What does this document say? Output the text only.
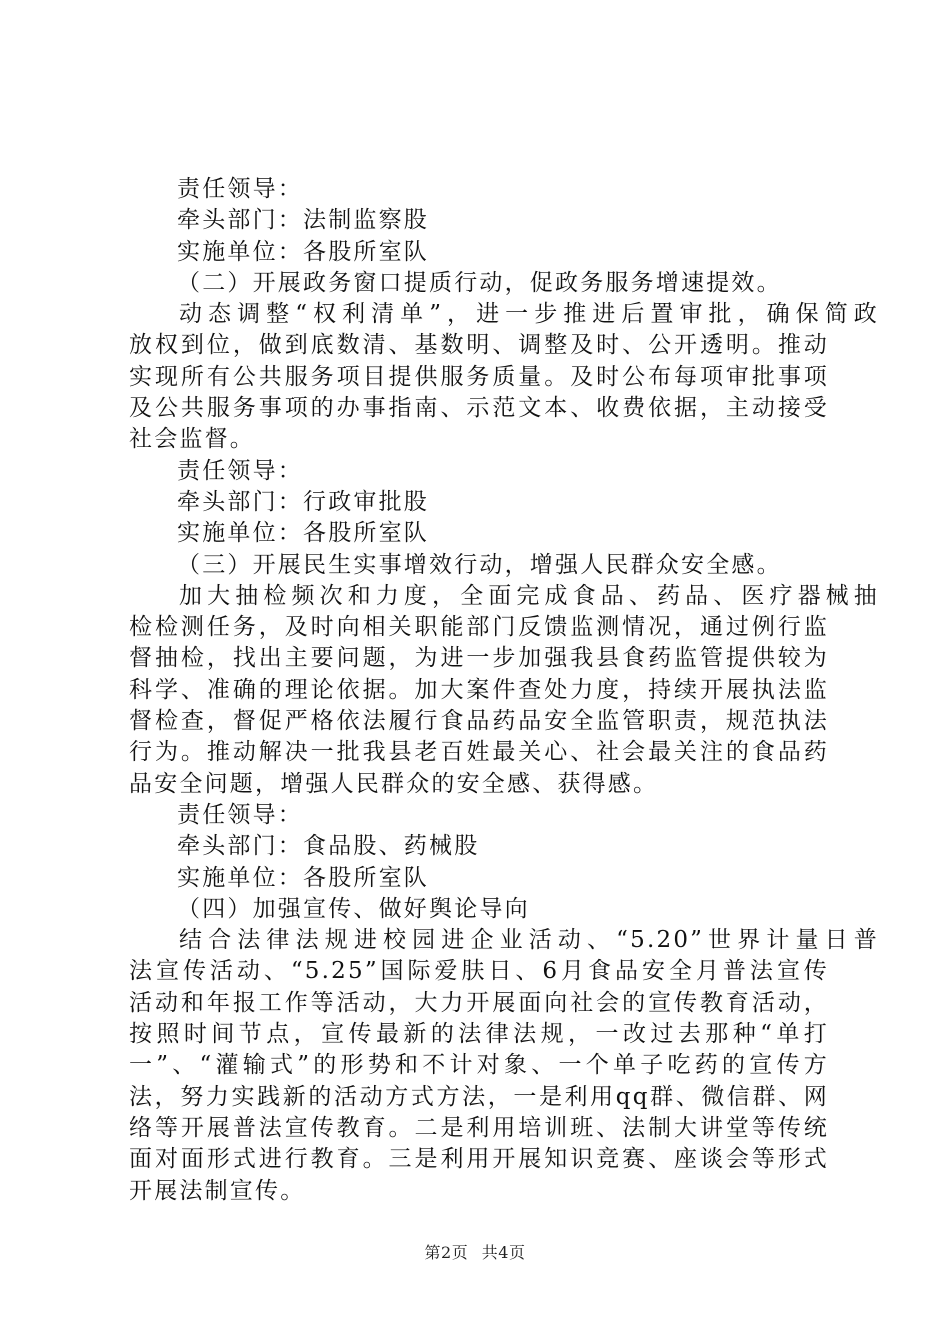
责任领导：
牵头部门：法制监察股
实施单位：各股所室队
（二）开展政务窗口提质行动，促政务服务增速提效。
动态调整“权利清单”，进一步推进后置审批，确保简政
放权到位，做到底数清、基数明、调整及时、公开透明。推动
实现所有公共服务项目提供服务质量。及时公布每项审批事项
及公共服务事项的办事指南、示范文本、收费依据，主动接受
社会监督。
责任领导：
牵头部门：行政审批股
实施单位：各股所室队
（三）开展民生实事增效行动，增强人民群众安全感。
加大抽检频次和力度，全面完成食品、药品、医疗器械抽
检检测任务，及时向相关职能部门反馈监测情况，通过例行监
督抽检，找出主要问题，为进一步加强我县食药监管提供较为
科学、准确的理论依据。加大案件查处力度，持续开展执法监
督检查，督促严格依法履行食品药品安全监管职责，规范执法
行为。推动解决一批我县老百姓最关心、社会最关注的食品药
品安全问题，增强人民群众的安全感、获得感。
责任领导：
牵头部门：食品股、药械股
实施单位：各股所室队
（四）加强宣传、做好舆论导向
结合法律法规进校园进企业活动、“5.20”世界计量日普
法宣传活动、“5.25”国际爱肤日、6月食品安全月普法宣传
活动和年报工作等活动，大力开展面向社会的宣传教育活动，
按照时间节点，宣传最新的法律法规，一改过去那种“单打
一”、“灌输式”的形势和不计对象、一个单子吃药的宣传方
法，努力实践新的活动方式方法，一是利用qq群、微信群、网
络等开展普法宣传教育。二是利用培训班、法制大讲堂等传统
面对面形式进行教育。三是利用开展知识竞赛、座谈会等形式
开展法制宣传。
第2页 共4页
